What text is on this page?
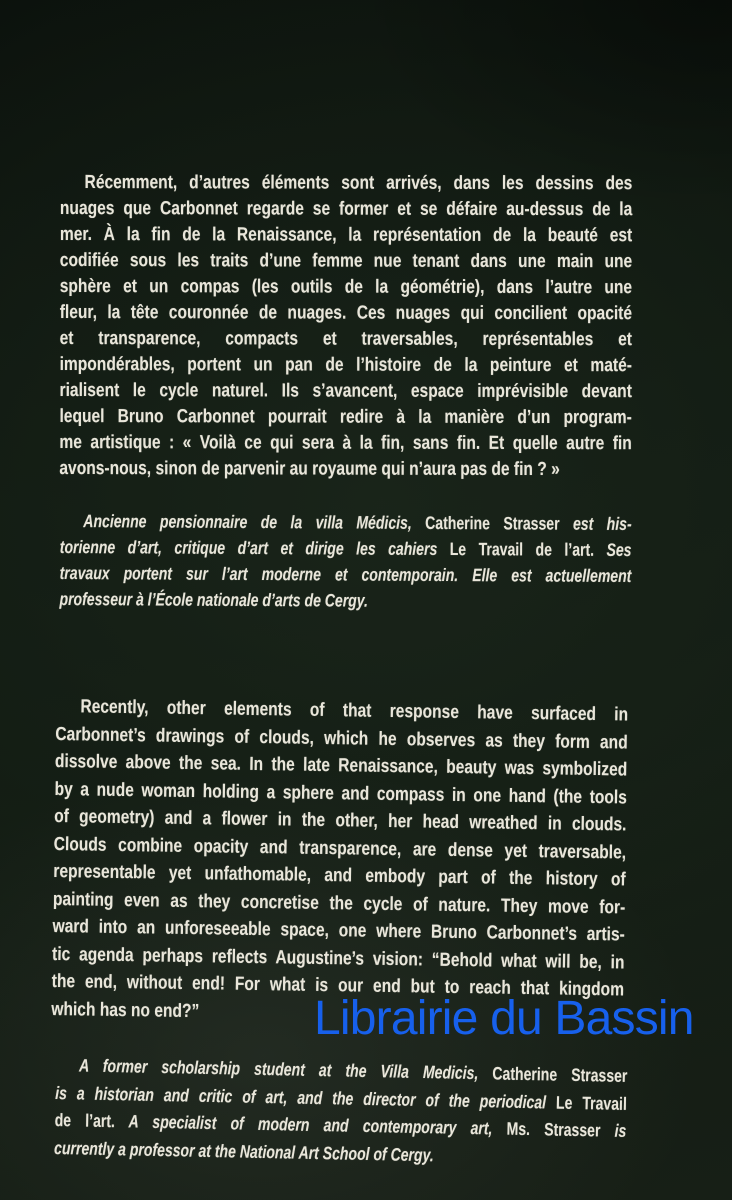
Récemment, d’autres éléments sont arrivés, dans les dessins des
nuages que Carbonnet regarde se former et se défaire au-dessus de la
mer. À la fin de la Renaissance, la représentation de la beauté est
codifiée sous les traits d’une femme nue tenant dans une main une
sphère et un compas (les outils de la géométrie), dans l’autre une
fleur, la tête couronnée de nuages. Ces nuages qui concilient opacité
et transparence, compacts et traversables, représentables et
impondérables, portent un pan de l’histoire de la peinture et maté-
rialisent le cycle naturel. Ils s’avancent, espace imprévisible devant
lequel Bruno Carbonnet pourrait redire à la manière d’un program-
me artistique : « Voilà ce qui sera à la fin, sans fin. Et quelle autre fin
avons-nous, sinon de parvenir au royaume qui n’aura pas de fin ? »
Ancienne pensionnaire de la villa Médicis, Catherine Strasser est his-
torienne d’art, critique d’art et dirige les cahiers Le Travail de l’art. Ses
travaux portent sur l’art moderne et contemporain. Elle est actuellement
professeur à l’École nationale d’arts de Cergy.
Recently, other elements of that response have surfaced in
Carbonnet’s drawings of clouds, which he observes as they form and
dissolve above the sea. In the late Renaissance, beauty was symbolized
by a nude woman holding a sphere and compass in one hand (the tools
of geometry) and a flower in the other, her head wreathed in clouds.
Clouds combine opacity and transparence, are dense yet traversable,
representable yet unfathomable, and embody part of the history of
painting even as they concretise the cycle of nature. They move for-
ward into an unforeseeable space, one where Bruno Carbonnet’s artis-
tic agenda perhaps reflects Augustine’s vision: “Behold what will be, in
the end, without end! For what is our end but to reach that kingdom
which has no end?”
A former scholarship student at the Villa Medicis, Catherine Strasser
is a historian and critic of art, and the director of the periodical Le Travail
de l’art. A specialist of modern and contemporary art, Ms. Strasser is
currently a professor at the National Art School of Cergy.
Librairie du Bassin
